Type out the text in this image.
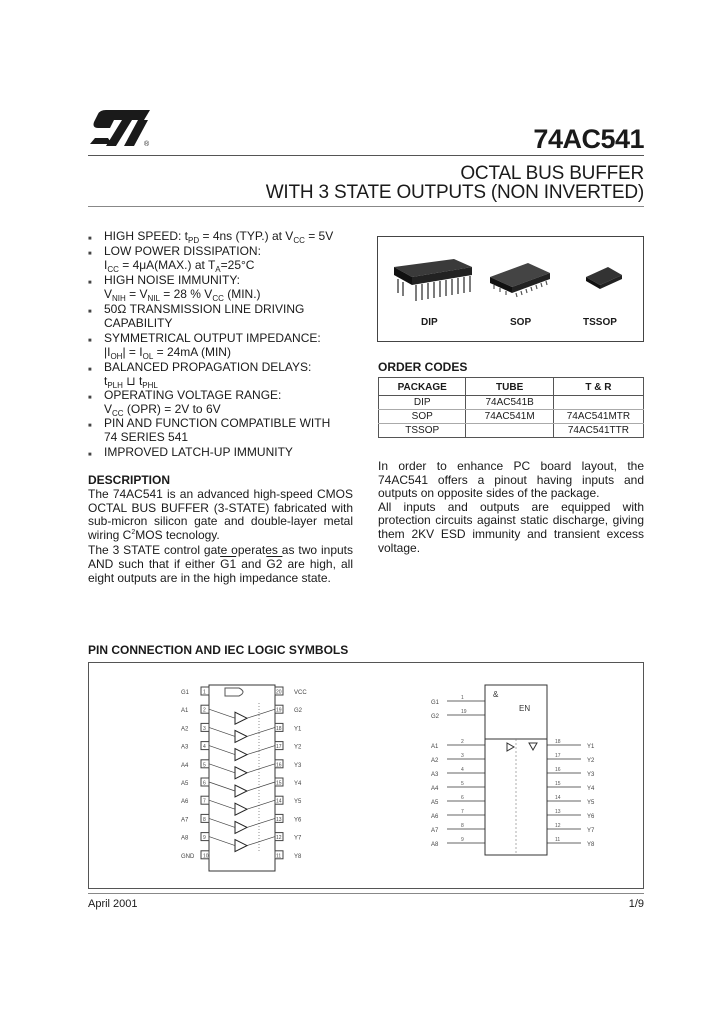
®	74AC541
OCTAL BUS BUFFER
WITH 3 STATE OUTPUTS (NON INVERTED)
■ HIGH SPEED: $t_{PD} = 4ns$ (TYP.) at $V_{CC} = 5V$
■ LOW POWER DISSIPATION:
$I_{CC} = 4\mu A(MAX.)$ at $T_A=25^\circ C$
■ HIGH NOISE IMMUNITY:
$V_{NIH} = V_{NIL} = 28$ % $V_{CC}$ (MIN.)
■ 50Ω TRANSMISSION LINE DRIVING
CAPABILITY
■ SYMMETRICAL OUTPUT IMPEDANCE:
$|I_{OH}| = I_{OL} = 24mA$ (MIN)
■ BALANCED PROPAGATION DELAYS:
$t_{PLH}$ ⊔ $t_{PHL}$
■ OPERATING VOLTAGE RANGE:
$V_{CC}$ (OPR) = 2V to 6V
■ PIN AND FUNCTION COMPATIBLE WITH
74 SERIES 541
■ IMPROVED LATCH-UP IMMUNITY
DIP	SOP	TSSOP
ORDER CODES
PACKAGE	TUBE	T & R
DIP	74AC541B	
SOP	74AC541M	74AC541MTR
TSSOP		74AC541TTR
DESCRIPTION

The 74AC541 is an advanced high-speed CMOS OCTAL BUS BUFFER (3-STATE) fabricated with sub-micron silicon gate and double-layer metal wiring $C^2MOS$ tecnology.

The 3 STATE control gate operates as two inputs AND such that if either G1 and G2 are high, all eight outputs are in the high impedance state.

In order to enhance PC board layout, the 74AC541 offers a pinout having inputs and outputs on opposite sides of the package.

All inputs and outputs are equipped with protection circuits against static discharge, giving them 2KV ESD immunity and transient excess voltage.

PIN CONNECTION AND IEC LOGIC SYMBOLS
G1	1
A1	2
A2	3
A3	4
A4	5
A5	6
A6	7
A7	8
A8	9
GND 10
20 VCC
19 G2
18 Y1
17 Y2
16 Y3
15 Y4
14 Y5
13 Y6
12 Y7
11 Y8
&
EN
G1
1
G2
19
A1
2
A2
3
A3
4
A4
5
A5
6
A6
7
A7
8
A8
9
18
Y1
17
Y2
16
Y3
15
Y4
14
Y5
13
Y6
12
Y7
11
Y8
April 2001	1/9
